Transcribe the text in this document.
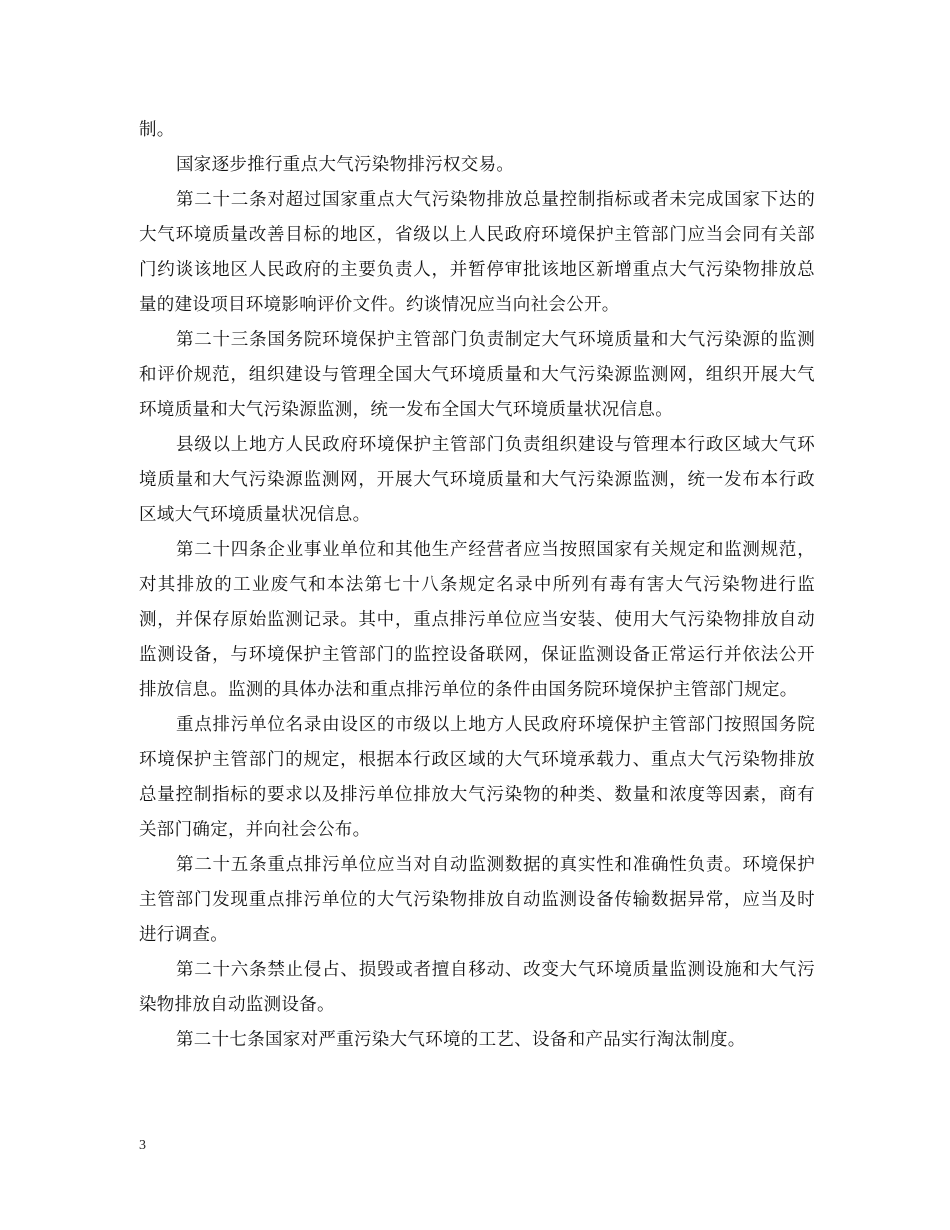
制。

国家逐步推行重点大气污染物排污权交易。

第二十二条对超过国家重点大气污染物排放总量控制指标或者未完成国家下达的大气环境质量改善目标的地区，省级以上人民政府环境保护主管部门应当会同有关部门约谈该地区人民政府的主要负责人，并暂停审批该地区新增重点大气污染物排放总量的建设项目环境影响评价文件。约谈情况应当向社会公开。

第二十三条国务院环境保护主管部门负责制定大气环境质量和大气污染源的监测和评价规范，组织建设与管理全国大气环境质量和大气污染源监测网，组织开展大气环境质量和大气污染源监测，统一发布全国大气环境质量状况信息。

县级以上地方人民政府环境保护主管部门负责组织建设与管理本行政区域大气环境质量和大气污染源监测网，开展大气环境质量和大气污染源监测，统一发布本行政区域大气环境质量状况信息。

第二十四条企业事业单位和其他生产经营者应当按照国家有关规定和监测规范，对其排放的工业废气和本法第七十八条规定名录中所列有毒有害大气污染物进行监测，并保存原始监测记录。其中，重点排污单位应当安装、使用大气污染物排放自动监测设备，与环境保护主管部门的监控设备联网，保证监测设备正常运行并依法公开排放信息。监测的具体办法和重点排污单位的条件由国务院环境保护主管部门规定。

重点排污单位名录由设区的市级以上地方人民政府环境保护主管部门按照国务院环境保护主管部门的规定，根据本行政区域的大气环境承载力、重点大气污染物排放总量控制指标的要求以及排污单位排放大气污染物的种类、数量和浓度等因素，商有关部门确定，并向社会公布。

第二十五条重点排污单位应当对自动监测数据的真实性和准确性负责。环境保护主管部门发现重点排污单位的大气污染物排放自动监测设备传输数据异常，应当及时进行调查。

第二十六条禁止侵占、损毁或者擅自移动、改变大气环境质量监测设施和大气污染物排放自动监测设备。

第二十七条国家对严重污染大气环境的工艺、设备和产品实行淘汰制度。

3
